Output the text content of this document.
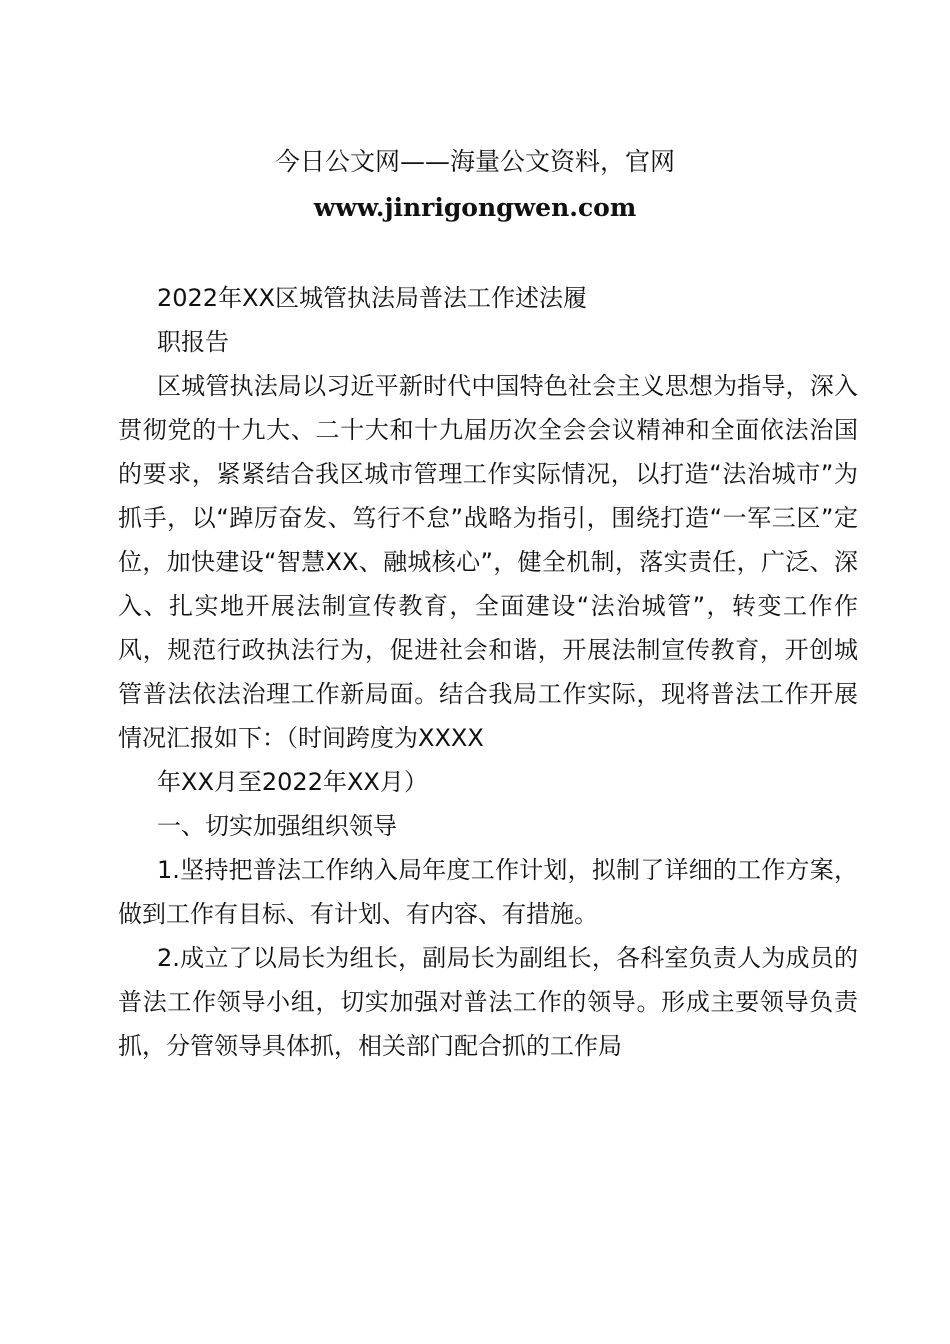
今日公文网——海量公文资料，官网
www.jinrigongwen.com

2022年XX区城管执法局普法工作述法履

职报告

区城管执法局以习近平新时代中国特色社会主义思想为指导，深入贯彻党的十九大、二十大和十九届历次全会会议精神和全面依法治国的要求，紧紧结合我区城市管理工作实际情况，以打造“法治城市”为抓手，以“踔厉奋发、笃行不怠”战略为指引，围绕打造“一军三区”定位，加快建设“智慧XX、融城核心”，健全机制，落实责任，广泛、深入、扎实地开展法制宣传教育，全面建设“法治城管”，转变工作作风，规范行政执法行为，促进社会和谐，开展法制宣传教育，开创城管普法依法治理工作新局面。结合我局工作实际，现将普法工作开展情况汇报如下：（时间跨度为XXXX

年XX月至2022年XX月）

一、切实加强组织领导

1.坚持把普法工作纳入局年度工作计划，拟制了详细的工作方案，做到工作有目标、有计划、有内容、有措施。

2.成立了以局长为组长，副局长为副组长，各科室负责人为成员的普法工作领导小组，切实加强对普法工作的领导。形成主要领导负责抓，分管领导具体抓，相关部门配合抓的工作局
